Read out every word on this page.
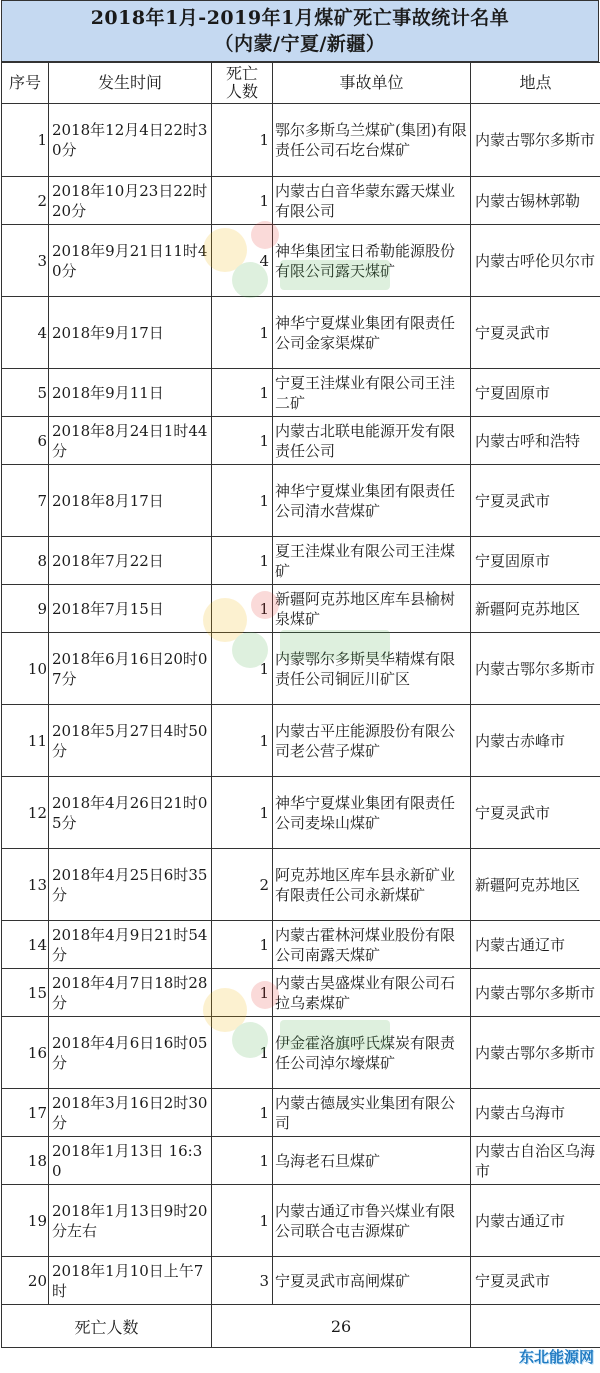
2018年1月-2019年1月煤矿死亡事故统计名单
（内蒙/宁夏/新疆）
序号	发生时间	死亡人数	事故单位	地点
1	2018年12月4日22时30分	1	鄂尔多斯乌兰煤矿(集团)有限责任公司石圪台煤矿	内蒙古鄂尔多斯市
2	2018年10月23日22时20分	1	内蒙古白音华蒙东露天煤业有限公司	内蒙古锡林郭勒
3	2018年9月21日11时40分	4	神华集团宝日希勒能源股份有限公司露天煤矿	内蒙古呼伦贝尔市
4	2018年9月17日	1	神华宁夏煤业集团有限责任公司金家渠煤矿	宁夏灵武市
5	2018年9月11日	1	宁夏王洼煤业有限公司王洼二矿	宁夏固原市
6	2018年8月24日1时44分	1	内蒙古北联电能源开发有限责任公司	内蒙古呼和浩特
7	2018年8月17日	1	神华宁夏煤业集团有限责任公司清水营煤矿	宁夏灵武市
8	2018年7月22日	1	夏王洼煤业有限公司王洼煤矿	宁夏固原市
9	2018年7月15日	1	新疆阿克苏地区库车县榆树泉煤矿	新疆阿克苏地区
10	2018年6月16日20时07分	1	内蒙鄂尔多斯昊华精煤有限责任公司铜匠川矿区	内蒙古鄂尔多斯市
11	2018年5月27日4时50分	1	内蒙古平庄能源股份有限公司老公营子煤矿	内蒙古赤峰市
12	2018年4月26日21时05分	1	神华宁夏煤业集团有限责任公司麦垛山煤矿	宁夏灵武市
13	2018年4月25日6时35分	2	阿克苏地区库车县永新矿业有限责任公司永新煤矿	新疆阿克苏地区
14	2018年4月9日21时54分	1	内蒙古霍林河煤业股份有限公司南露天煤矿	内蒙古通辽市
15	2018年4月7日18时28分	1	内蒙古昊盛煤业有限公司石拉乌素煤矿	内蒙古鄂尔多斯市
16	2018年4月6日16时05分	1	伊金霍洛旗呼氏煤炭有限责任公司淖尔壕煤矿	内蒙古鄂尔多斯市
17	2018年3月16日2时30分	1	内蒙古德晟实业集团有限公司	内蒙古乌海市
18	2018年1月13日 16:30	1	乌海老石旦煤矿	内蒙古自治区乌海市
19	2018年1月13日9时20分左右	1	内蒙古通辽市鲁兴煤业有限公司联合屯吉源煤矿	内蒙古通辽市
20	2018年1月10日上午7时	3	宁夏灵武市高闸煤矿	宁夏灵武市
死亡人数		26		
东北能源网
